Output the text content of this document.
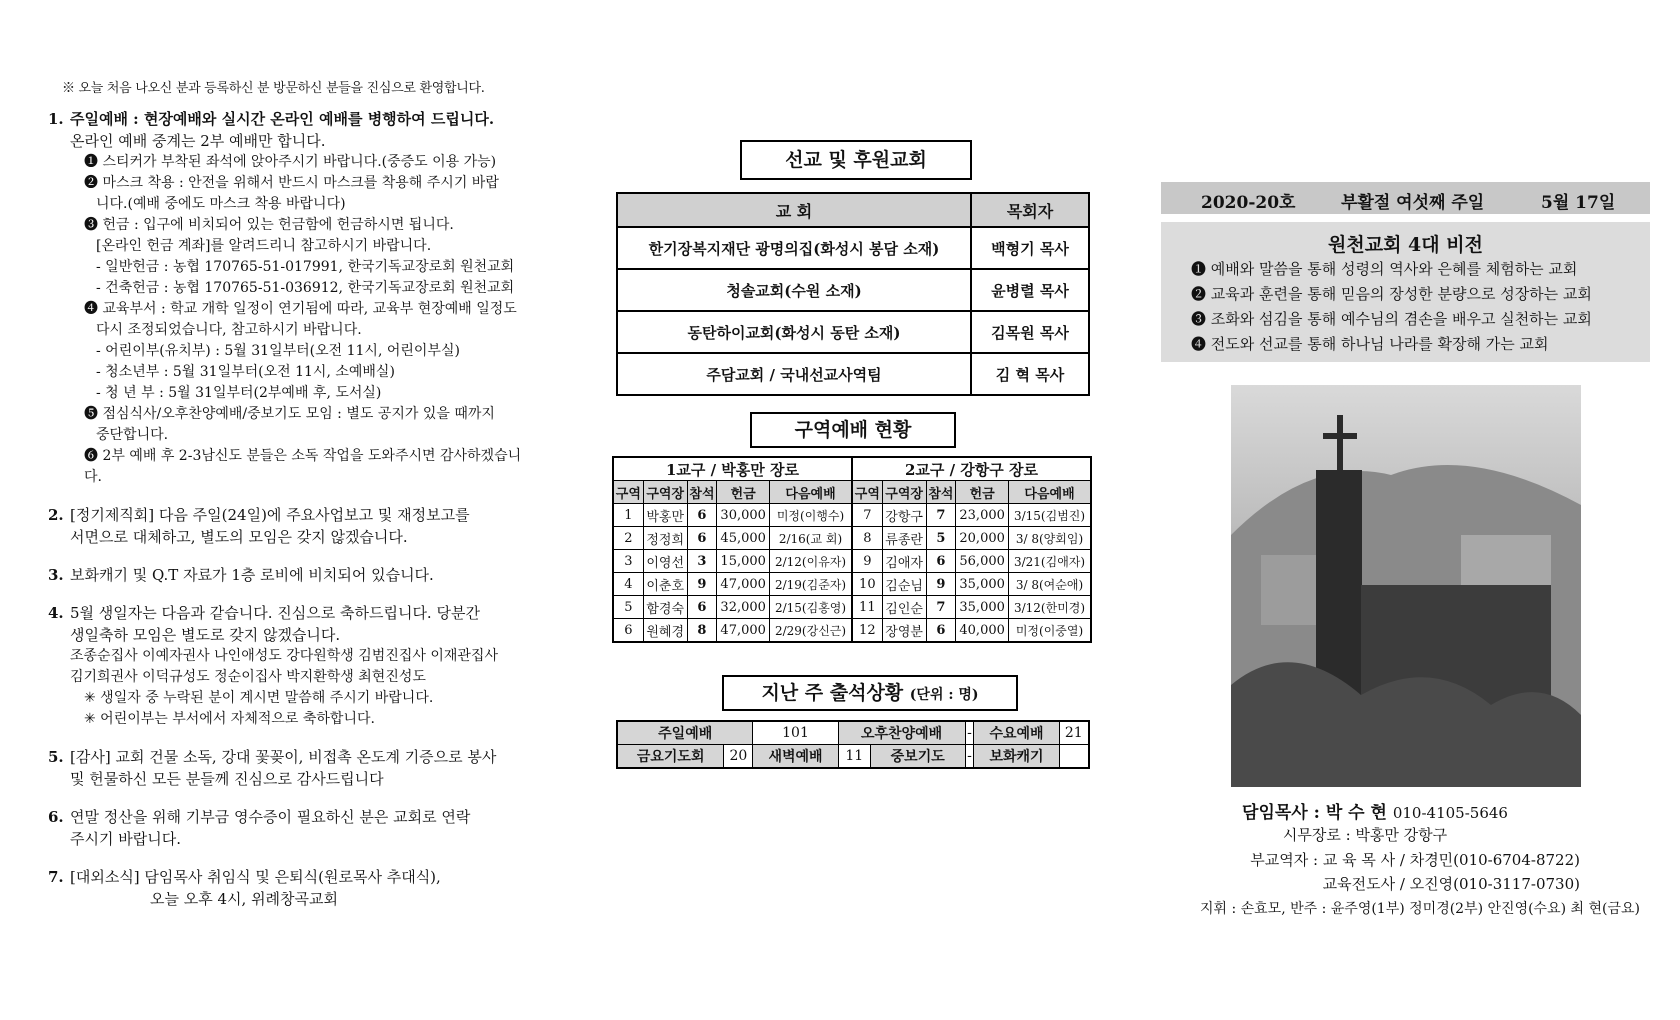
※ 오늘 처음 나오신 분과 등록하신 분 방문하신 분들을 진심으로 환영합니다.
1. 주일예배 : 현장예배와 실시간 온라인 예배를 병행하여 드립니다.
온라인 예배 중계는 2부 예배만 합니다.
❶ 스티커가 부착된 좌석에 앉아주시기 바랍니다.(중증도 이용 가능)
❷ 마스크 착용 : 안전을 위해서 반드시 마스크를 착용해 주시기 바랍
니다.(예배 중에도 마스크 착용 바랍니다)
❸ 헌금 : 입구에 비치되어 있는 헌금함에 헌금하시면 됩니다.
[온라인 헌금 계좌]를 알려드리니 참고하시기 바랍니다.
- 일반헌금 : 농협 170765-51-017991, 한국기독교장로회 원천교회
- 건축헌금 : 농협 170765-51-036912, 한국기독교장로회 원천교회
❹ 교육부서 : 학교 개학 일정이 연기됨에 따라, 교육부 현장예배 일정도
다시 조정되었습니다, 참고하시기 바랍니다.
- 어린이부(유치부) : 5월 31일부터(오전 11시, 어린이부실)
- 청소년부 : 5월 31일부터(오전 11시, 소예배실)
- 청 년 부 : 5월 31일부터(2부예배 후, 도서실)
❺ 점심식사/오후찬양예배/중보기도 모임 : 별도 공지가 있을 때까지
중단합니다.
❻ 2부 예배 후 2-3남신도 분들은 소독 작업을 도와주시면 감사하겠습니다.
2. [정기제직회] 다음 주일(24일)에 주요사업보고 및 재정보고를
서면으로 대체하고, 별도의 모임은 갖지 않겠습니다.
3. 보화캐기 및 Q.T 자료가 1층 로비에 비치되어 있습니다.
4. 5월 생일자는 다음과 같습니다. 진심으로 축하드립니다. 당분간
생일축하 모임은 별도로 갖지 않겠습니다.
조종순집사 이예자권사 나인애성도 강다원학생 김범진집사 이재관집사
김기희권사 이덕규성도 정순이집사 박지환학생 최현진성도
✳ 생일자 중 누락된 분이 계시면 말씀해 주시기 바랍니다.
✳ 어린이부는 부서에서 자체적으로 축하합니다.
5. [감사] 교회 건물 소독, 강대 꽃꽂이, 비접촉 온도계 기증으로 봉사
및 헌물하신 모든 분들께 진심으로 감사드립니다
6. 연말 정산을 위해 기부금 영수증이 필요하신 분은 교회로 연락
주시기 바랍니다.
7. [대외소식] 담임목사 취임식 및 은퇴식(원로목사 추대식),
오늘 오후 4시, 위례창곡교회
선교 및 후원교회
교 회	목회자
한기장복지재단 광명의집(화성시 봉담 소재)	백형기 목사
청솔교회(수원 소재)	윤병렬 목사
동탄하이교회(화성시 동탄 소재)	김목원 목사
주담교회 / 국내선교사역팀	김 혁 목사
구역예배 현황
1교구 / 박홍만 장로					2교구 / 강항구 장로				
구역	구역장	참석	헌금	다음예배	구역	구역장	참석	헌금	다음예배
1	박홍만	6	30,000	미정(이행수)	7	강항구	7	23,000	3/15(김범진)
2	정정희	6	45,000	2/16(교 회)	8	류종란	5	20,000	3/ 8(양회임)
3	이영선	3	15,000	2/12(이유자)	9	김애자	6	56,000	3/21(김애자)
4	이춘호	9	47,000	2/19(김준자)	10	김순님	9	35,000	3/ 8(여순애)
5	함경숙	6	32,000	2/15(김홍영)	11	김인순	7	35,000	3/12(한미경)
6	원혜경	8	47,000	2/29(강신근)	12	장영분	6	40,000	미정(이중열)
지난 주 출석상황 (단위 : 명)
주일예배		101	오후찬양예배		-	수요예배	21
금요기도회	20	새벽예배	11	중보기도	-	보화캐기	
2020-20호	부활절 여섯째 주일	5월 17일
원천교회 4대 비전
❶ 예배와 말씀을 통해 성령의 역사와 은혜를 체험하는 교회
❷ 교육과 훈련을 통해 믿음의 장성한 분량으로 성장하는 교회
❸ 조화와 섬김을 통해 예수님의 겸손을 배우고 실천하는 교회
❹ 전도와 선교를 통해 하나님 나라를 확장해 가는 교회
담임목사 : 박 수 현 010-4105-5646
시무장로 : 박홍만 강항구
부교역자 : 교 육 목 사 / 차경민(010-6704-8722)
교육전도사 / 오진영(010-3117-0730)
지휘 : 손효모, 반주 : 윤주영(1부) 정미경(2부) 안진영(수요) 최 현(금요)
